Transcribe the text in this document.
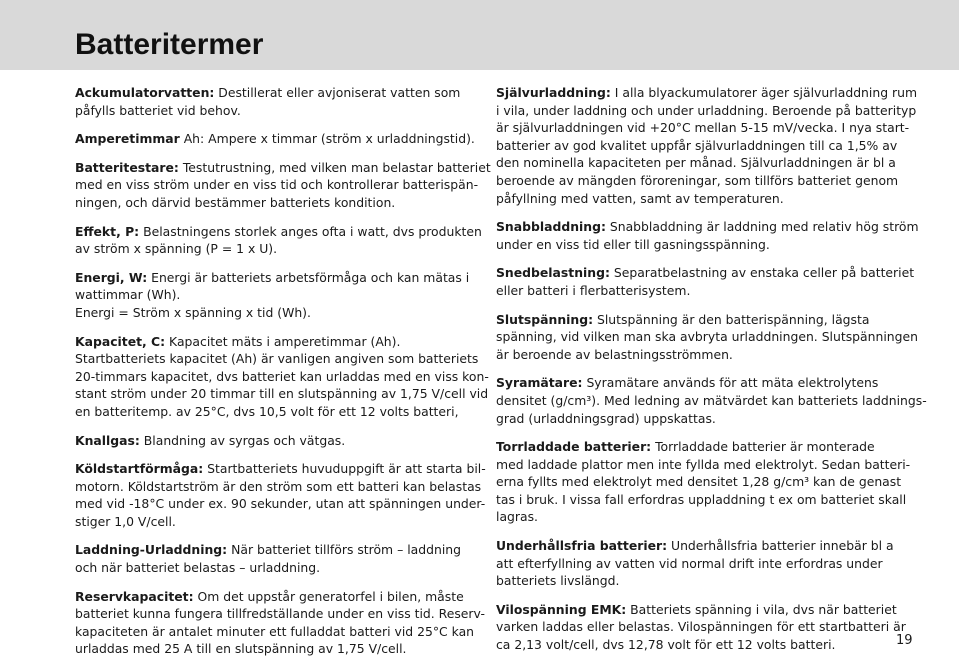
Batteritermer

Ackumulatorvatten: Destillerat eller avjoniserat vatten som
påfylls batteriet vid behov.

Amperetimmar Ah: Ampere x timmar (ström x urladdningstid).

Batteritestare: Testutrustning, med vilken man belastar batteriet
med en viss ström under en viss tid och kontrollerar batterispän-
ningen, och därvid bestämmer batteriets kondition.

Effekt, P: Belastningens storlek anges ofta i watt, dvs produkten
av ström x spänning (P = 1 x U).

Energi, W: Energi är batteriets arbetsförmåga och kan mätas i
wattimmar (Wh).
Energi = Ström x spänning x tid (Wh).

Kapacitet, C: Kapacitet mäts i amperetimmar (Ah).
Startbatteriets kapacitet (Ah) är vanligen angiven som batteriets
20-timmars kapacitet, dvs batteriet kan urladdas med en viss kon-
stant ström under 20 timmar till en slutspänning av 1,75 V/cell vid
en batteritemp. av 25°C, dvs 10,5 volt för ett 12 volts batteri,

Knallgas: Blandning av syrgas och vätgas.

Köldstartförmåga: Startbatteriets huvuduppgift är att starta bil-
motorn. Köldstartström är den ström som ett batteri kan belastas
med vid -18°C under ex. 90 sekunder, utan att spänningen under-
stiger 1,0 V/cell.

Laddning-Urladdning: När batteriet tillförs ström – laddning
och när batteriet belastas – urladdning.

Reservkapacitet: Om det uppstår generatorfel i bilen, måste
batteriet kunna fungera tillfredställande under en viss tid. Reserv-
kapaciteten är antalet minuter ett fulladdat batteri vid 25°C kan
urladdas med 25 A till en slutspänning av 1,75 V/cell.

Självurladdning: I alla blyackumulatorer äger självurladdning rum
i vila, under laddning och under urladdning. Beroende på batterityp
är självurladdningen vid +20°C mellan 5-15 mV/vecka. I nya start-
batterier av god kvalitet uppfår självurladdningen till ca 1,5% av
den nominella kapaciteten per månad. Självurladdningen är bl a
beroende av mängden föroreningar, som tillförs batteriet genom
påfyllning med vatten, samt av temperaturen.

Snabbladdning: Snabbladdning är laddning med relativ hög ström
under en viss tid eller till gasningsspänning.

Snedbelastning: Separatbelastning av enstaka celler på batteriet
eller batteri i flerbatterisystem.

Slutspänning: Slutspänning är den batterispänning, lägsta
spänning, vid vilken man ska avbryta urladdningen. Slutspänningen
är beroende av belastningsströmmen.

Syramätare: Syramätare används för att mäta elektrolytens
densitet (g/cm³). Med ledning av mätvärdet kan batteriets laddnings-
grad (urladdningsgrad) uppskattas.

Torrladdade batterier: Torrladdade batterier är monterade
med laddade plattor men inte fyllda med elektrolyt. Sedan batteri-
erna fyllts med elektrolyt med densitet 1,28 g/cm³ kan de genast
tas i bruk. I vissa fall erfordras uppladdning t ex om batteriet skall
lagras.

Underhållsfria batterier: Underhållsfria batterier innebär bl a
att efterfyllning av vatten vid normal drift inte erfordras under
batteriets livslängd.

Vilospänning EMK: Batteriets spänning i vila, dvs när batteriet
varken laddas eller belastas. Vilospänningen för ett startbatteri är
ca 2,13 volt/cell, dvs 12,78 volt för ett 12 volts batteri.	19
